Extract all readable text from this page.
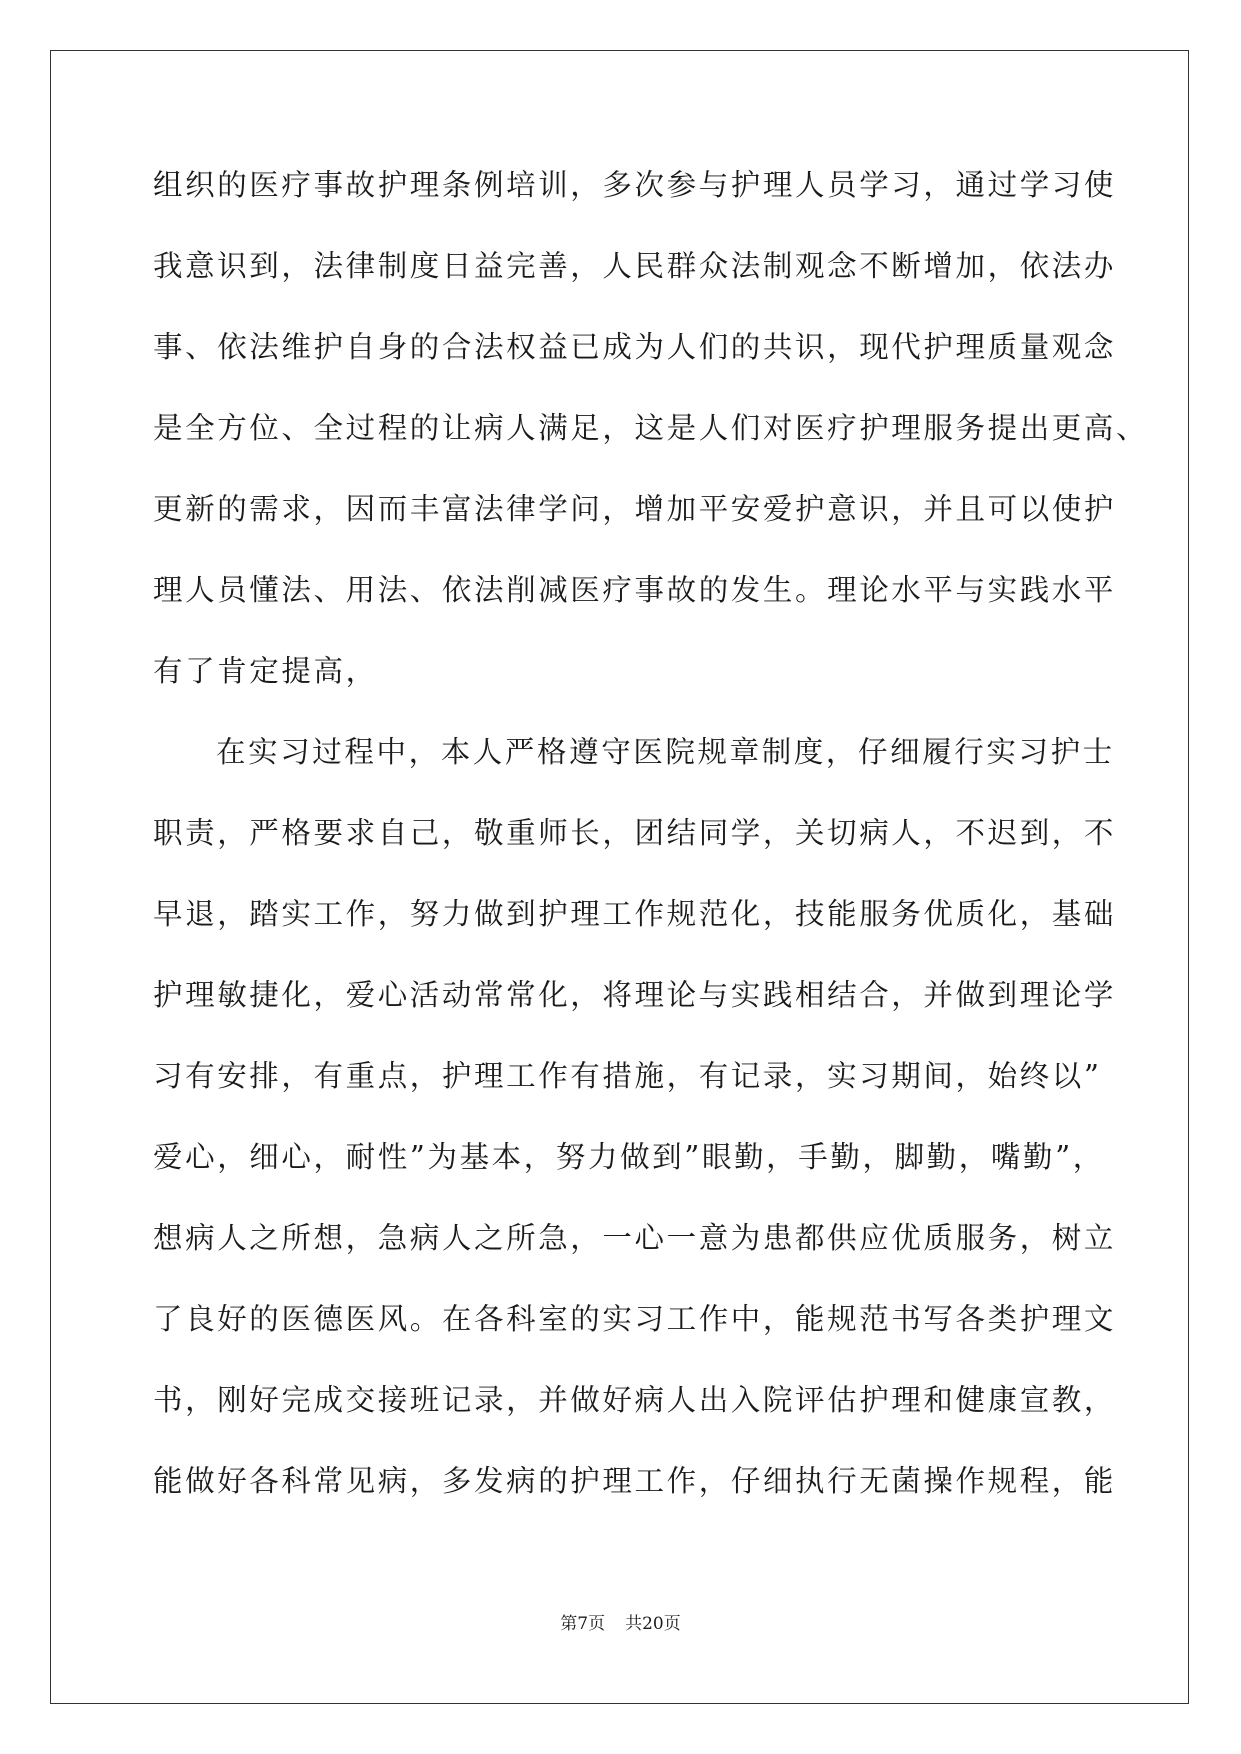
组织的医疗事故护理条例培训，多次参与护理人员学习，通过学习使
我意识到，法律制度日益完善，人民群众法制观念不断增加，依法办
事、依法维护自身的合法权益已成为人们的共识，现代护理质量观念
是全方位、全过程的让病人满足，这是人们对医疗护理服务提出更高、
更新的需求，因而丰富法律学问，增加平安爱护意识，并且可以使护
理人员懂法、用法、依法削减医疗事故的发生。理论水平与实践水平
有了肯定提高，
在实习过程中，本人严格遵守医院规章制度，仔细履行实习护士
职责，严格要求自己，敬重师长，团结同学，关切病人，不迟到，不
早退，踏实工作，努力做到护理工作规范化，技能服务优质化，基础
护理敏捷化，爱心活动常常化，将理论与实践相结合，并做到理论学
习有安排，有重点，护理工作有措施，有记录，实习期间，始终以”
爱心，细心，耐性”为基本，努力做到”眼勤，手勤，脚勤，嘴勤”，
想病人之所想，急病人之所急，一心一意为患都供应优质服务，树立
了良好的医德医风。在各科室的实习工作中，能规范书写各类护理文
书，刚好完成交接班记录，并做好病人出入院评估护理和健康宣教，
能做好各科常见病，多发病的护理工作，仔细执行无菌操作规程，能
第7页 共20页
